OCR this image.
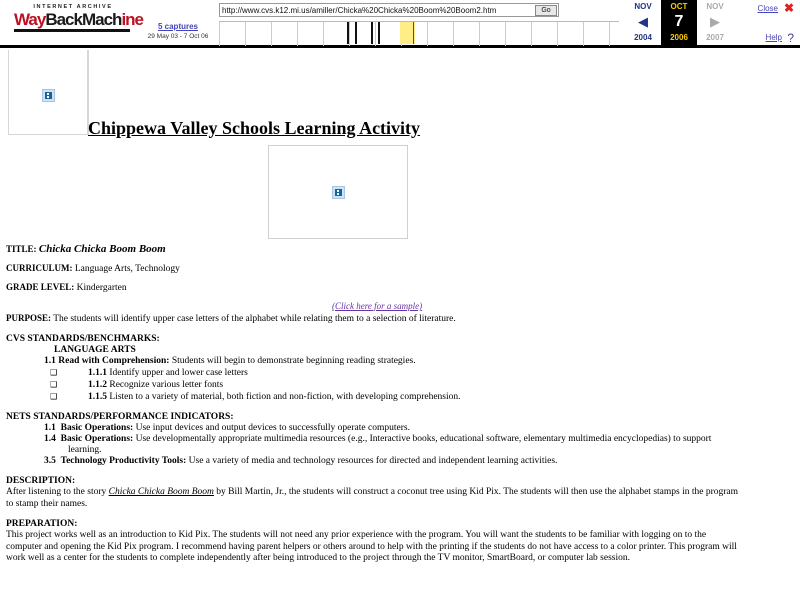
INTERNET ARCHIVE
WayBackMachine	5 captures
29 May 03 - 7 Oct 06
http://www.cvs.k12.mi.us/amiller/Chicka%20Chicka%20Boom%20Boom2.htm
Go	NOV
◀
2004
OCT
7
2006
NOV
▶
2007
Close ✖
Help ?
Chippewa Valley Schools Learning Activity
TITLE: Chicka Chicka Boom Boom
CURRICULUM: Language Arts, Technology
GRADE LEVEL: Kindergarten
(Click here for a sample)
PURPOSE: The students will identify upper case letters of the alphabet while relating them to a selection of literature.
CVS STANDARDS/BENCHMARKS:
LANGUAGE ARTS
1.1 Read with Comprehension: Students will begin to demonstrate beginning reading strategies.
❑	1.1.1 Identify upper and lower case letters
❑	1.1.2 Recognize various letter fonts
❑	1.1.5 Listen to a variety of material, both fiction and non-fiction, with developing comprehension.
NETS STANDARDS/PERFORMANCE INDICATORS:
1.1 Basic Operations: Use input devices and output devices to successfully operate computers.
1.4 Basic Operations: Use developmentally appropriate multimedia resources (e.g., Interactive books, educational software, elementary multimedia encyclopedias) to support
learning.
3.5 Technology Productivity Tools: Use a variety of media and technology resources for directed and independent learning activities.
DESCRIPTION:
After listening to the story Chicka Chicka Boom Boom by Bill Martin, Jr., the students will construct a coconut tree using Kid Pix. The students will then use the alphabet stamps in the program
to stamp their names.
PREPARATION:
This project works well as an introduction to Kid Pix. The students will not need any prior experience with the program. You will want the students to be familiar with logging on to the
computer and opening the Kid Pix program. I recommend having parent helpers or others around to help with the printing if the students do not have access to a color printer. This program will
work well as a center for the students to complete independently after being introduced to the project through the TV monitor, SmartBoard, or computer lab session.
